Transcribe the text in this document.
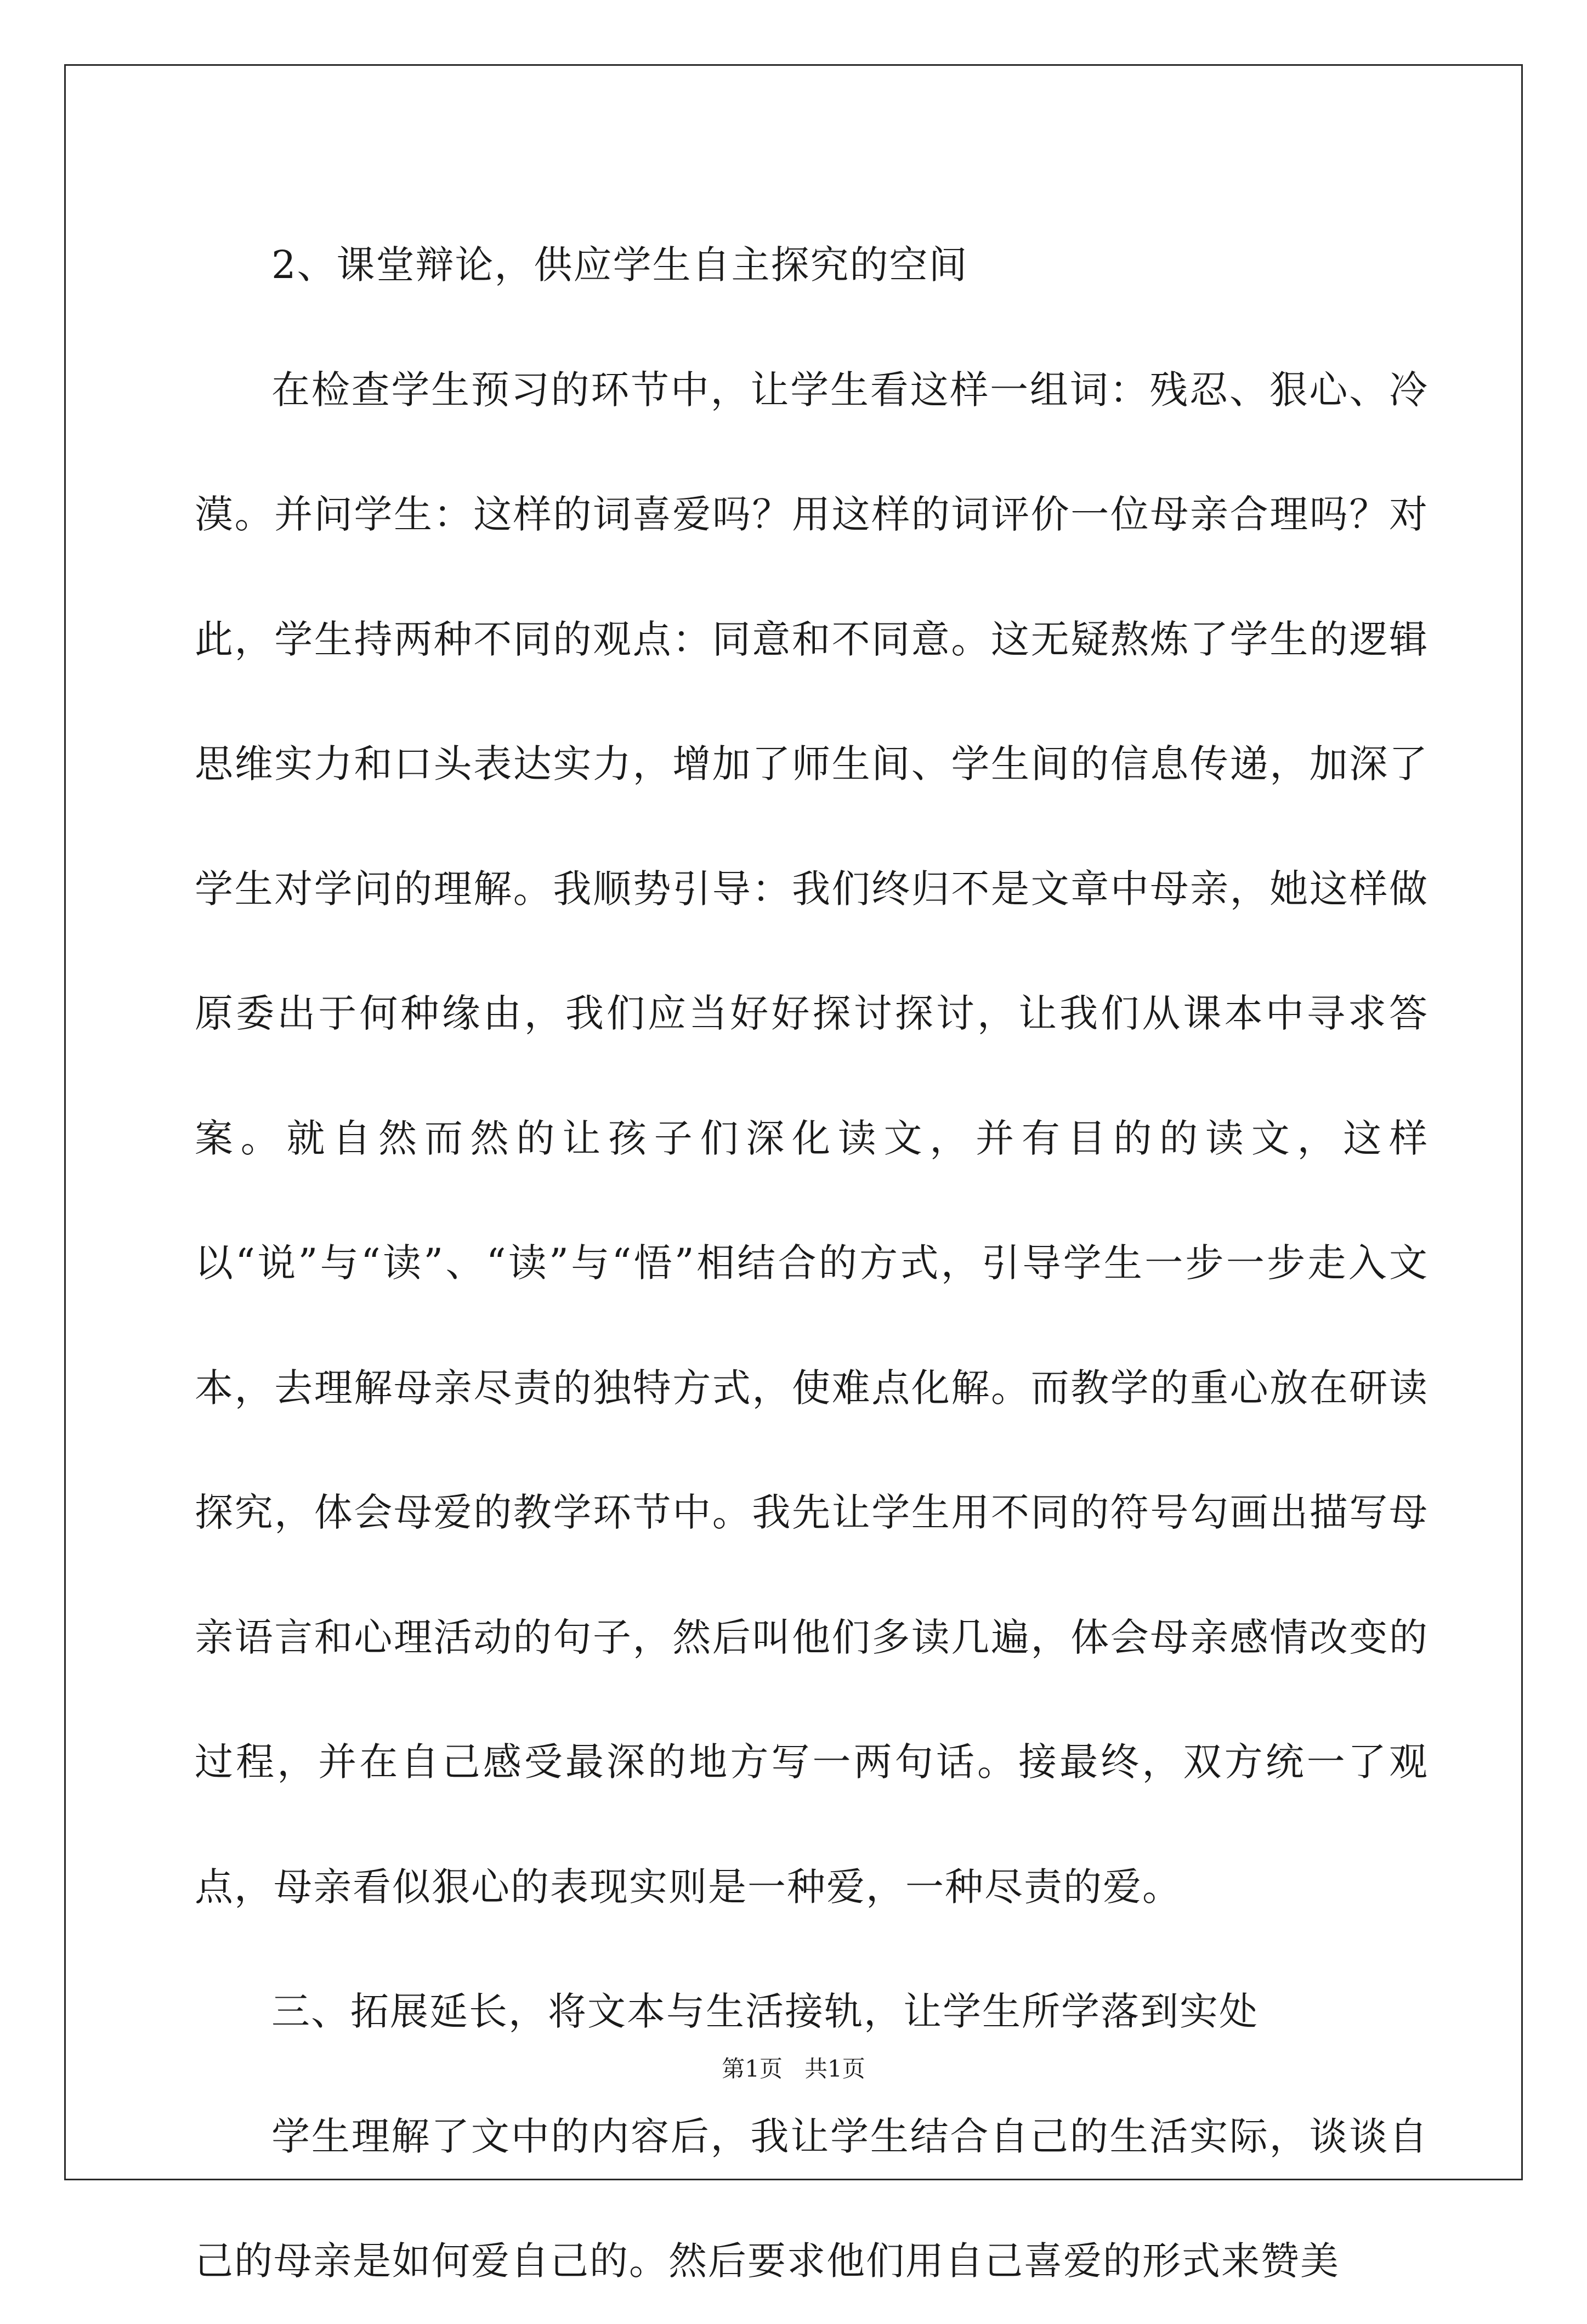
2、课堂辩论，供应学生自主探究的空间

在检查学生预习的环节中，让学生看这样一组词：残忍、狠心、冷漠。并问学生：这样的词喜爱吗？用这样的词评价一位母亲合理吗？对此，学生持两种不同的观点：同意和不同意。这无疑熬炼了学生的逻辑思维实力和口头表达实力，增加了师生间、学生间的信息传递，加深了学生对学问的理解。我顺势引导：我们终归不是文章中母亲，她这样做原委出于何种缘由，我们应当好好探讨探讨，让我们从课本中寻求答案。就自然而然的让孩子们深化读文，并有目的的读文，这样以“说”与“读”、“读”与“悟”相结合的方式，引导学生一步一步走入文本，去理解母亲尽责的独特方式，使难点化解。而教学的重心放在研读探究，体会母爱的教学环节中。我先让学生用不同的符号勾画出描写母亲语言和心理活动的句子，然后叫他们多读几遍，体会母亲感情改变的过程，并在自己感受最深的地方写一两句话。接最终，双方统一了观点，母亲看似狠心的表现实则是一种爱，一种尽责的爱。

三、拓展延长，将文本与生活接轨，让学生所学落到实处

学生理解了文中的内容后，我让学生结合自己的生活实际，谈谈自己的母亲是如何爱自己的。然后要求他们用自己喜爱的形式来赞美

第1页 共1页
